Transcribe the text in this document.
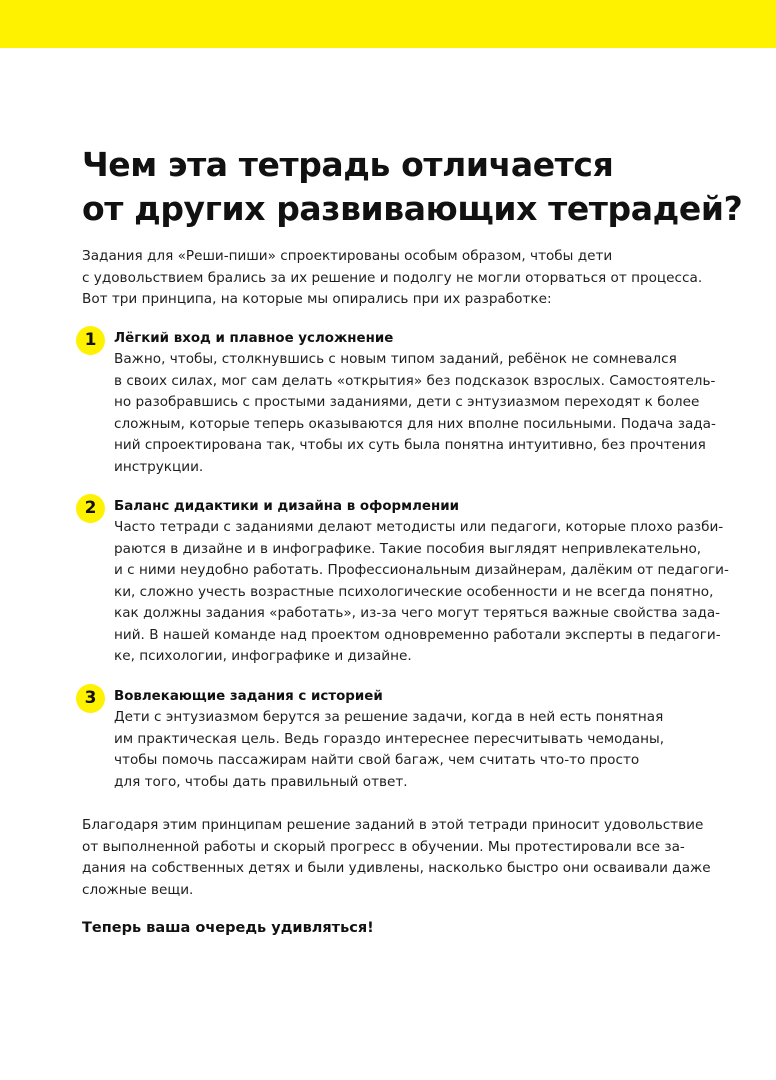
Чем эта тетрадь отличается
от других развивающих тетрадей?

Задания для «Реши-пиши» спроектированы особым образом, чтобы дети
с удовольствием брались за их решение и подолгу не могли оторваться от процесса.
Вот три принципа, на которые мы опирались при их разработке:

1	Лёгкий вход и плавное усложнение

Важно, чтобы, столкнувшись с новым типом заданий, ребёнок не сомневался
в своих силах, мог сам делать «открытия» без подсказок взрослых. Самостоятель-
но разобравшись с простыми заданиями, дети с энтузиазмом переходят к более
сложным, которые теперь оказываются для них вполне посильными. Подача зада-
ний спроектирована так, чтобы их суть была понятна интуитивно, без прочтения
инструкции.

2	Баланс дидактики и дизайна в оформлении

Часто тетради с заданиями делают методисты или педагоги, которые плохо разби-
раются в дизайне и в инфографике. Такие пособия выглядят непривлекательно,
и с ними неудобно работать. Профессиональным дизайнерам, далёким от педагоги-
ки, сложно учесть возрастные психологические особенности и не всегда понятно,
как должны задания «работать», из-за чего могут теряться важные свойства зада-
ний. В нашей команде над проектом одновременно работали эксперты в педагоги-
ке, психологии, инфографике и дизайне.

3	Вовлекающие задания с историей

Дети с энтузиазмом берутся за решение задачи, когда в ней есть понятная
им практическая цель. Ведь гораздо интереснее пересчитывать чемоданы,
чтобы помочь пассажирам найти свой багаж, чем считать что-то просто
для того, чтобы дать правильный ответ.

Благодаря этим принципам решение заданий в этой тетради приносит удовольствие
от выполненной работы и скорый прогресс в обучении. Мы протестировали все за-
дания на собственных детях и были удивлены, насколько быстро они осваивали даже
сложные вещи.

Теперь ваша очередь удивляться!
